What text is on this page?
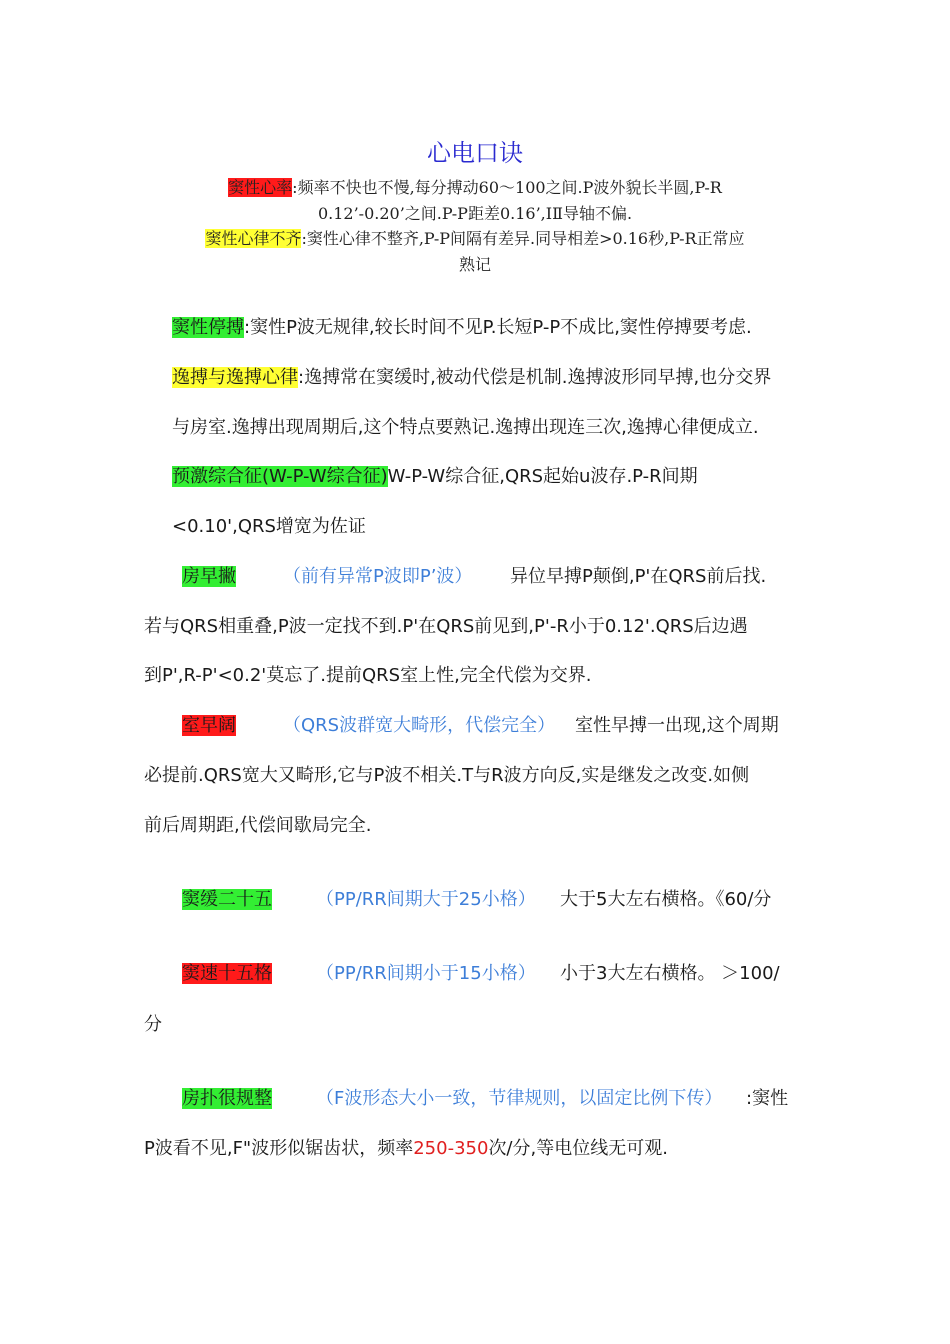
心电口诀
窦性心率:频率不快也不慢,每分搏动60～100之间.P波外貌长半圆,P-R
0.12’-0.20’之间.P-P距差0.16’,ⅠⅡ导轴不偏.
窦性心律不齐:窦性心律不整齐,P-P间隔有差异.同导相差>0.16秒,P-R正常应
熟记
窦性停搏:窦性P波无规律,较长时间不见P.长短P-P不成比,窦性停搏要考虑.
逸搏与逸搏心律:逸搏常在窦缓时,被动代偿是机制.逸搏波形同早搏,也分交界
与房室.逸搏出现周期后,这个特点要熟记.逸搏出现连三次,逸搏心律便成立.
预激综合征(W-P-W综合征)W-P-W综合征,QRS起始u波存.P-R间期
<0.10',QRS增宽为佐证
房早撇	（前有异常P波即P’波） 异位早搏P颠倒,P'在QRS前后找.
若与QRS相重叠,P波一定找不到.P'在QRS前见到,P'-R小于0.12'.QRS后边遇
到P',R-P'<0.2'莫忘了.提前QRS室上性,完全代偿为交界.
室早阔	（QRS波群宽大畸形，代偿完全） 室性早搏一出现,这个周期
必提前.QRS宽大又畸形,它与P波不相关.T与R波方向反,实是继发之改变.如侧
前后周期距,代偿间歇局完全.
窦缓二十五 （PP/RR间期大于25小格） 大于5大左右横格。《60/分
窦速十五格 （PP/RR间期小于15小格） 小于3大左右横格。 ＞100/
分
房扑很规整 （F波形态大小一致，节律规则，以固定比例下传） :窦性
P波看不见,F"波形似锯齿状，频率250-350次/分,等电位线无可观.
